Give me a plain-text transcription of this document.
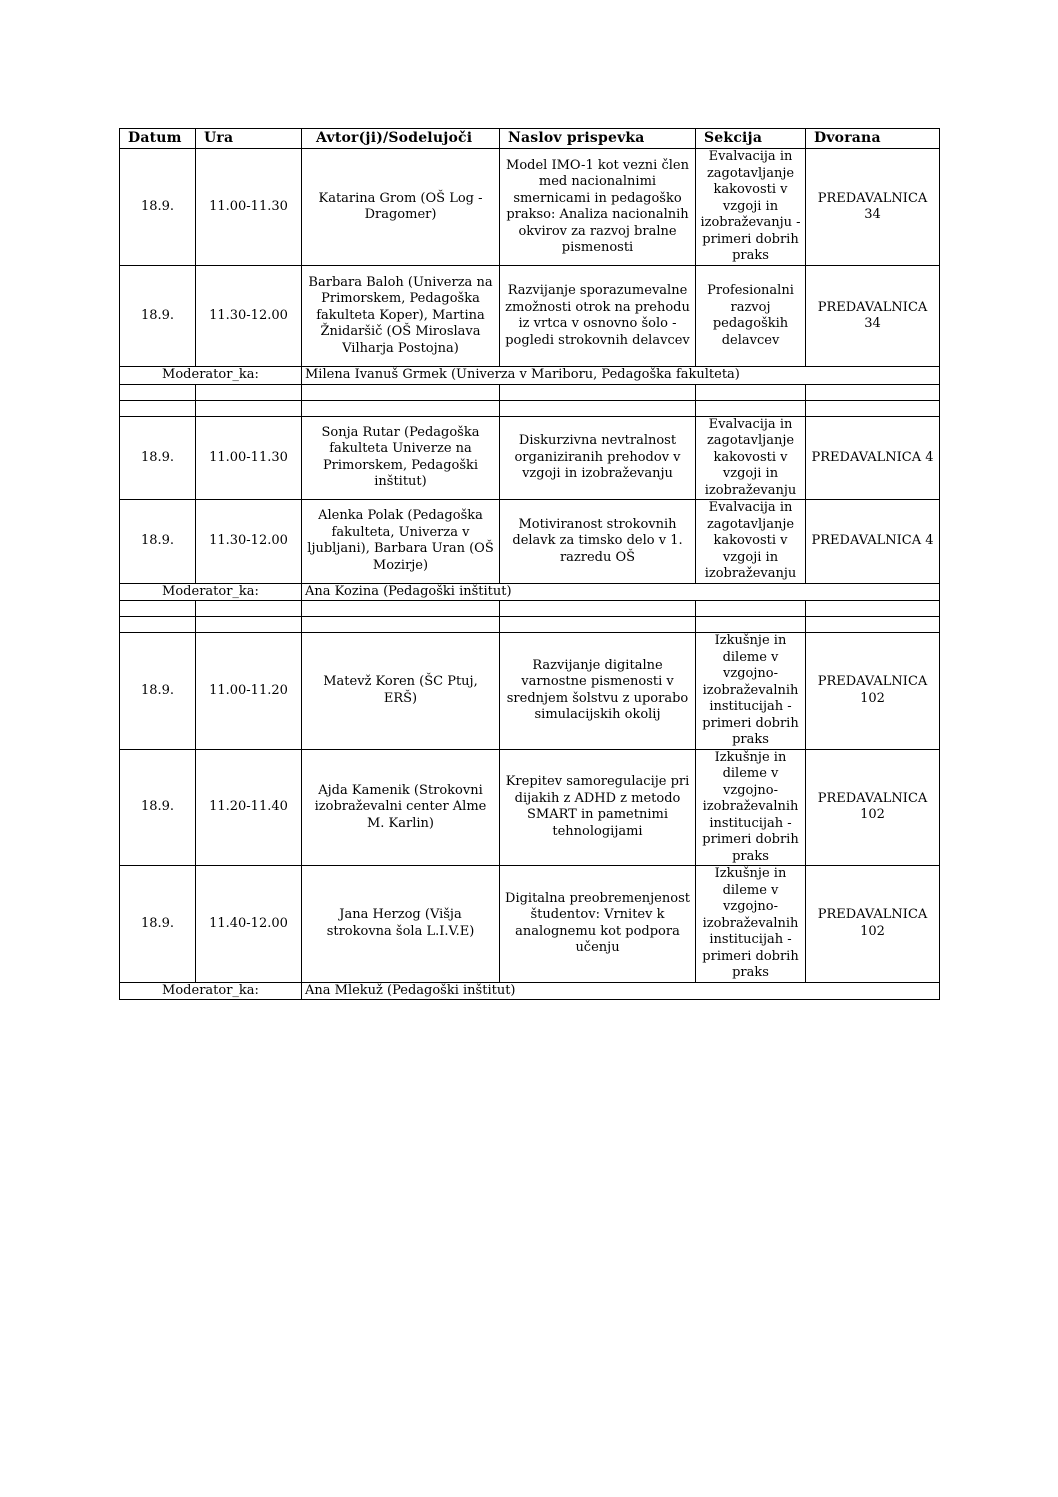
Datum	Ura	Avtor(ji)/Sodelujoči	Naslov prispevka	Sekcija	Dvorana
18.9.	11.00-11.30	Katarina Grom (OŠ Log - Dragomer)	Model IMO-1 kot vezni člen med nacionalnimi smernicami in pedagoško prakso: Analiza nacionalnih okvirov za razvoj bralne pismenosti	Evalvacija in zagotavljanje kakovosti v vzgoji in izobraževanju - primeri dobrih praks	PREDAVALNICA 34
18.9.	11.30-12.00	Barbara Baloh (Univerza na Primorskem, Pedagoška fakulteta Koper), Martina Žnidaršič (OŠ Miroslava Vilharja Postojna)	Razvijanje sporazumevalne zmožnosti otrok na prehodu iz vrtca v osnovno šolo - pogledi strokovnih delavcev	Profesionalni razvoj pedagoških delavcev	PREDAVALNICA 34
Moderator_ka:		Milena Ivanuš Grmek (Univerza v Mariboru, Pedagoška fakulteta)			

18.9.	11.00-11.30	Sonja Rutar (Pedagoška fakulteta Univerze na Primorskem, Pedagoški inštitut)	Diskurzivna nevtralnost organiziranih prehodov v vzgoji in izobraževanju	Evalvacija in zagotavljanje kakovosti v vzgoji in izobraževanju	PREDAVALNICA 4
18.9.	11.30-12.00	Alenka Polak (Pedagoška fakulteta, Univerza v ljubljani), Barbara Uran (OŠ Mozirje)	Motiviranost strokovnih delavk za timsko delo v 1. razredu OŠ	Evalvacija in zagotavljanje kakovosti v vzgoji in izobraževanju	PREDAVALNICA 4
Moderator_ka:		Ana Kozina (Pedagoški inštitut)			

18.9.	11.00-11.20	Matevž Koren (ŠC Ptuj, ERŠ)	Razvijanje digitalne varnostne pismenosti v srednjem šolstvu z uporabo simulacijskih okolij	Izkušnje in dileme v vzgojno-izobraževalnih institucijah - primeri dobrih praks	PREDAVALNICA 102
18.9.	11.20-11.40	Ajda Kamenik (Strokovni izobraževalni center Alme M. Karlin)	Krepitev samoregulacije pri dijakih z ADHD z metodo SMART in pametnimi tehnologijami	Izkušnje in dileme v vzgojno-izobraževalnih institucijah - primeri dobrih praks	PREDAVALNICA 102
18.9.	11.40-12.00	Jana Herzog (Višja strokovna šola L.I.V.E)	Digitalna preobremenjenost študentov: Vrnitev k analognemu kot podpora učenju	Izkušnje in dileme v vzgojno-izobraževalnih institucijah - primeri dobrih praks	PREDAVALNICA 102
Moderator_ka:		Ana Mlekuž (Pedagoški inštitut)			
